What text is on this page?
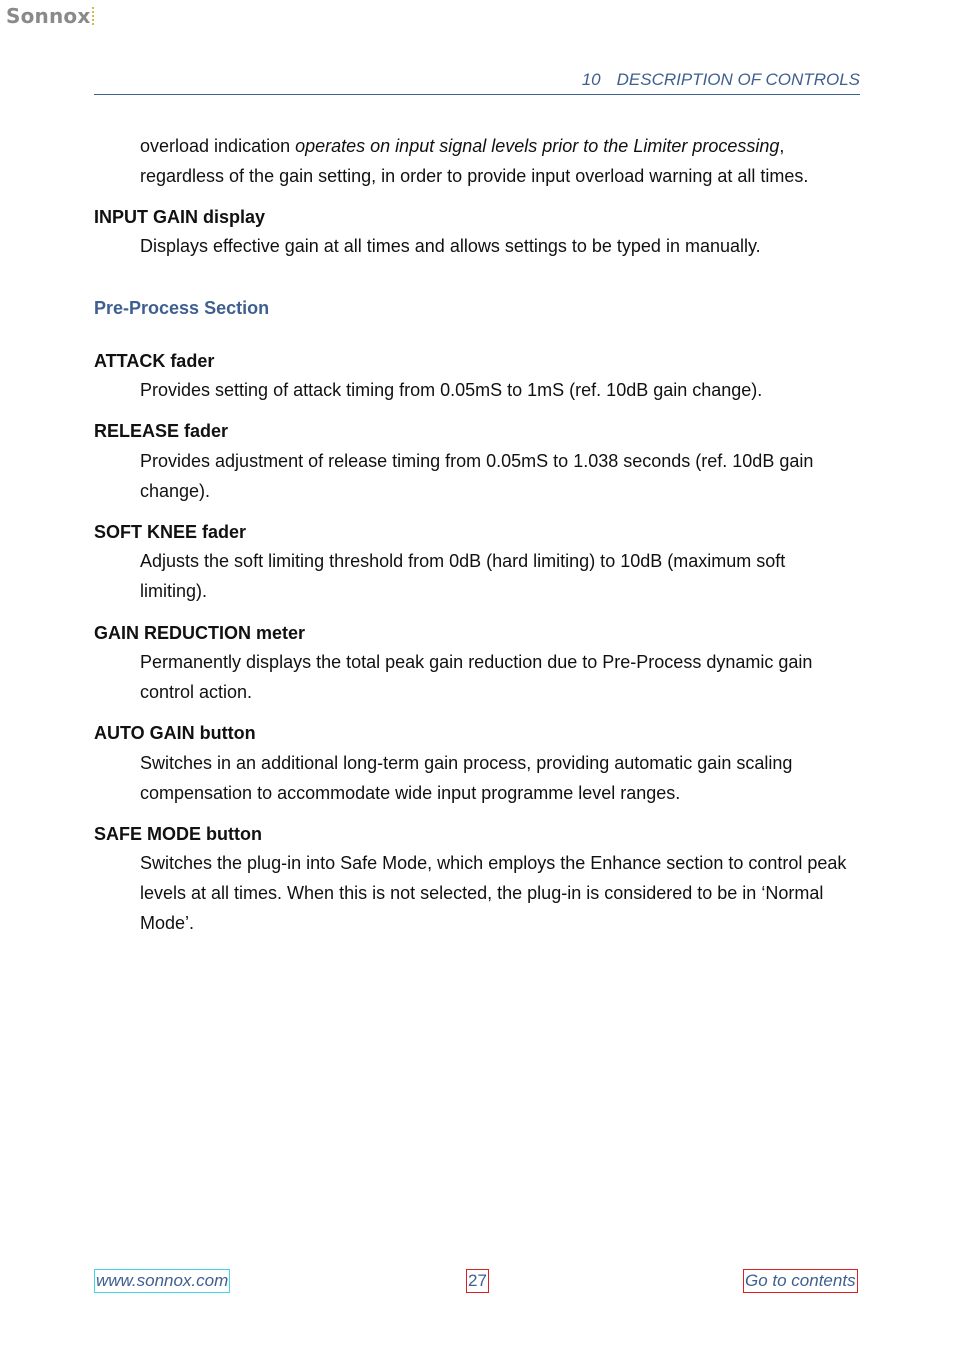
Sonnox
10 DESCRIPTION OF CONTROLS
overload indication operates on input signal levels prior to the Limiter processing, regardless of the gain setting, in order to provide input overload warning at all times.
INPUT GAIN display
Displays effective gain at all times and allows settings to be typed in manually.
Pre-Process Section
ATTACK fader
Provides setting of attack timing from 0.05mS to 1mS (ref. 10dB gain change).
RELEASE fader
Provides adjustment of release timing from 0.05mS to 1.038 seconds (ref. 10dB gain change).
SOFT KNEE fader
Adjusts the soft limiting threshold from 0dB (hard limiting) to 10dB (maximum soft limiting).
GAIN REDUCTION meter
Permanently displays the total peak gain reduction due to Pre-Process dynamic gain control action.
AUTO GAIN button
Switches in an additional long-term gain process, providing automatic gain scaling compensation to accommodate wide input programme level ranges.
SAFE MODE button
Switches the plug-in into Safe Mode, which employs the Enhance section to control peak levels at all times. When this is not selected, the plug-in is considered to be in ‘Normal Mode’.
www.sonnox.com	27	Go to contents
